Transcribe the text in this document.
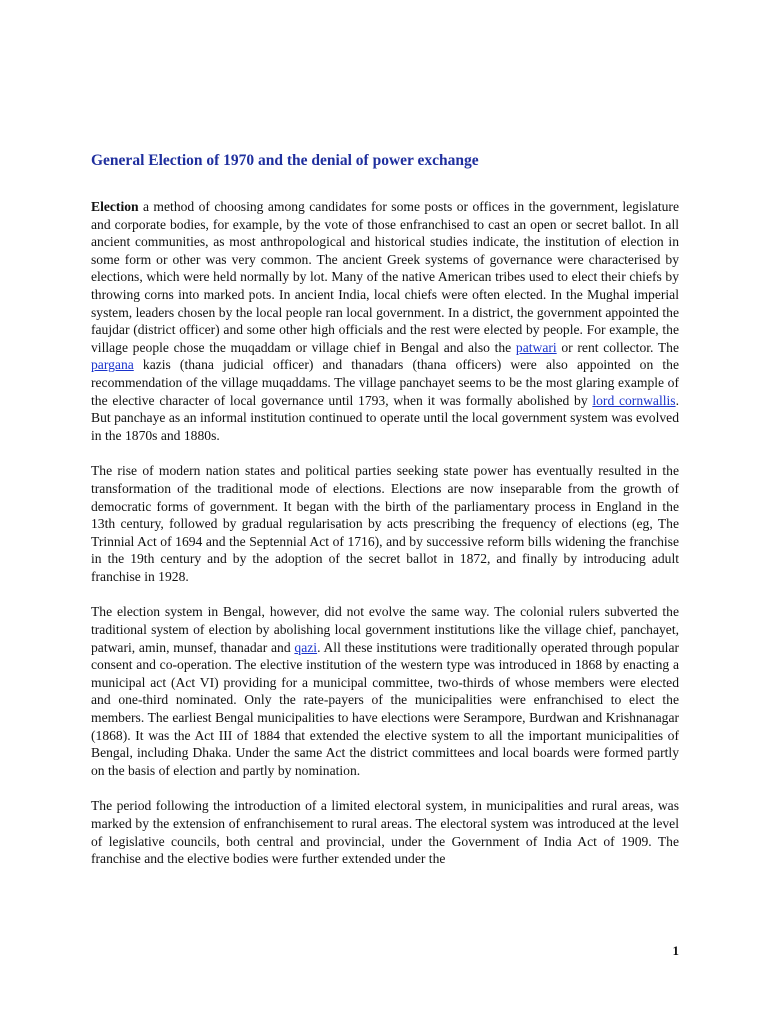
General Election of 1970 and the denial of power exchange

Election a method of choosing among candidates for some posts or offices in the government, legislature and corporate bodies, for example, by the vote of those enfranchised to cast an open or secret ballot. In all ancient communities, as most anthropological and historical studies indicate, the institution of election in some form or other was very common. The ancient Greek systems of governance were characterised by elections, which were held normally by lot. Many of the native American tribes used to elect their chiefs by throwing corns into marked pots. In ancient India, local chiefs were often elected. In the Mughal imperial system, leaders chosen by the local people ran local government. In a district, the government appointed the faujdar (district officer) and some other high officials and the rest were elected by people. For example, the village people chose the muqaddam or village chief in Bengal and also the patwari or rent collector. The pargana kazis (thana judicial officer) and thanadars (thana officers) were also appointed on the recommendation of the village muqaddams. The village panchayet seems to be the most glaring example of the elective character of local governance until 1793, when it was formally abolished by lord cornwallis. But panchaye as an informal institution continued to operate until the local government system was evolved in the 1870s and 1880s.

The rise of modern nation states and political parties seeking state power has eventually resulted in the transformation of the traditional mode of elections. Elections are now inseparable from the growth of democratic forms of government. It began with the birth of the parliamentary process in England in the 13th century, followed by gradual regularisation by acts prescribing the frequency of elections (eg, The Trinnial Act of 1694 and the Septennial Act of 1716), and by successive reform bills widening the franchise in the 19th century and by the adoption of the secret ballot in 1872, and finally by introducing adult franchise in 1928.

The election system in Bengal, however, did not evolve the same way. The colonial rulers subverted the traditional system of election by abolishing local government institutions like the village chief, panchayet, patwari, amin, munsef, thanadar and qazi. All these institutions were traditionally operated through popular consent and co-operation. The elective institution of the western type was introduced in 1868 by enacting a municipal act (Act VI) providing for a municipal committee, two-thirds of whose members were elected and one-third nominated. Only the rate-payers of the municipalities were enfranchised to elect the members. The earliest Bengal municipalities to have elections were Serampore, Burdwan and Krishnanagar (1868). It was the Act III of 1884 that extended the elective system to all the important municipalities of Bengal, including Dhaka. Under the same Act the district committees and local boards were formed partly on the basis of election and partly by nomination.

The period following the introduction of a limited electoral system, in municipalities and rural areas, was marked by the extension of enfranchisement to rural areas. The electoral system was introduced at the level of legislative councils, both central and provincial, under the Government of India Act of 1909. The franchise and the elective bodies were further extended under the

1
